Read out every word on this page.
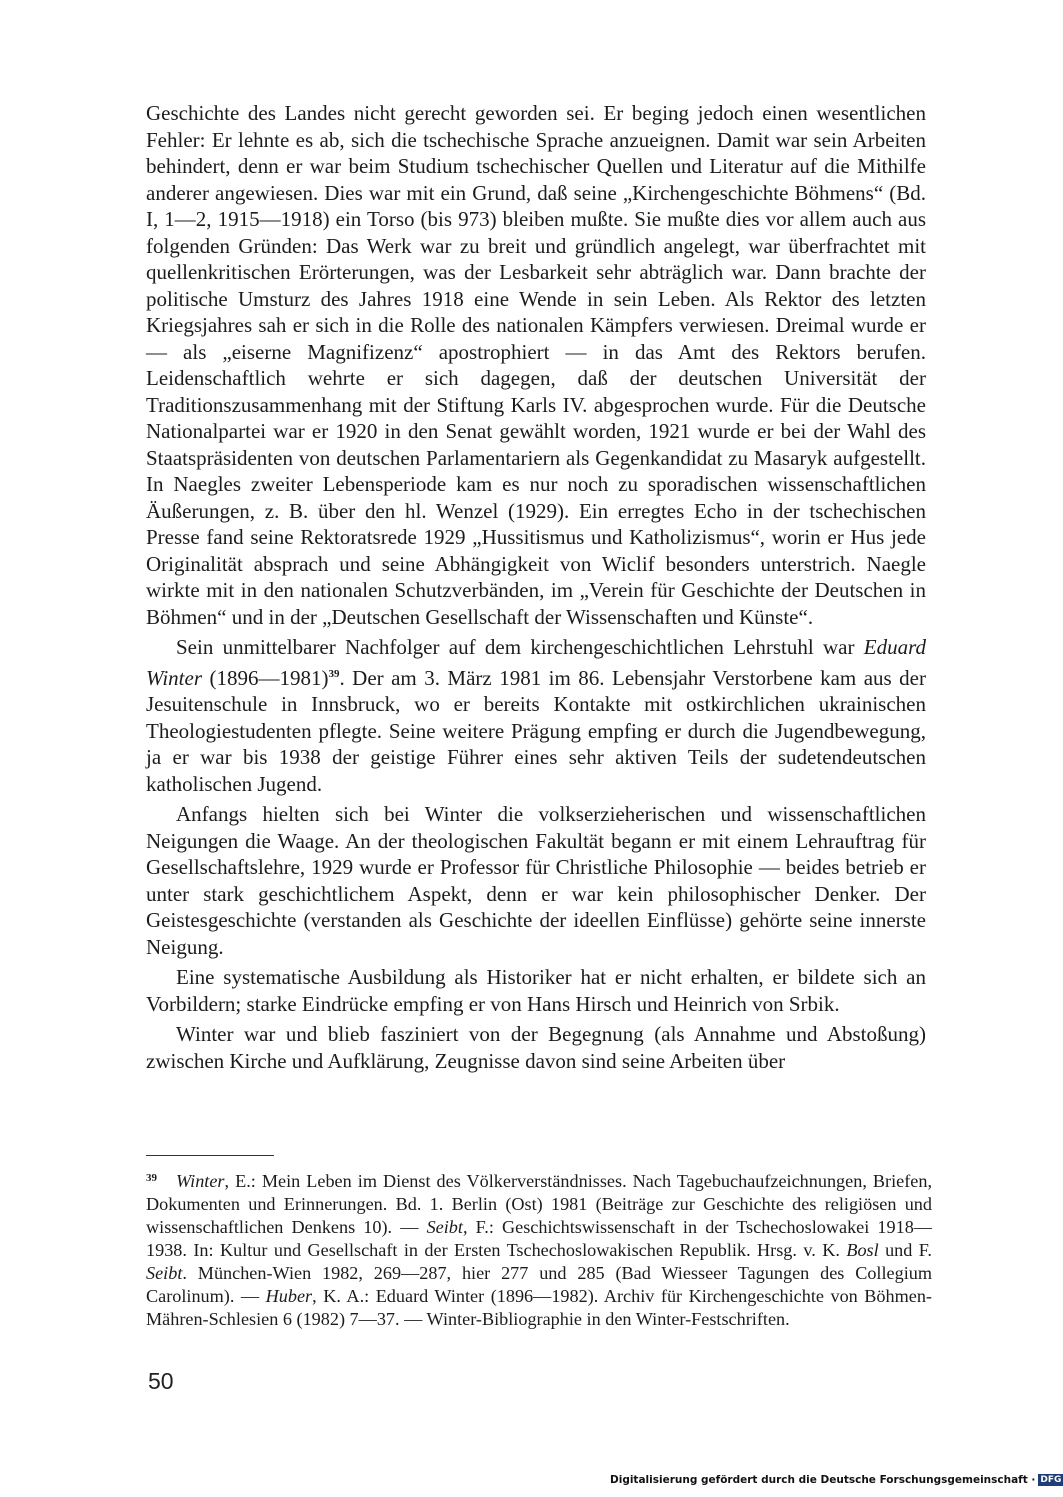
Geschichte des Landes nicht gerecht geworden sei. Er beging jedoch einen wesentlichen Fehler: Er lehnte es ab, sich die tschechische Sprache anzueignen. Damit war sein Arbeiten behindert, denn er war beim Studium tschechischer Quellen und Literatur auf die Mithilfe anderer angewiesen. Dies war mit ein Grund, daß seine „Kirchengeschichte Böhmens“ (Bd. I, 1—2, 1915—1918) ein Torso (bis 973) bleiben mußte. Sie mußte dies vor allem auch aus folgenden Gründen: Das Werk war zu breit und gründlich angelegt, war überfrachtet mit quellenkritischen Erörterungen, was der Lesbarkeit sehr abträglich war. Dann brachte der politische Umsturz des Jahres 1918 eine Wende in sein Leben. Als Rektor des letzten Kriegsjahres sah er sich in die Rolle des nationalen Kämpfers verwiesen. Dreimal wurde er — als „eiserne Magnifizenz“ apostrophiert — in das Amt des Rektors berufen. Leidenschaftlich wehrte er sich dagegen, daß der deutschen Universität der Traditionszusammenhang mit der Stiftung Karls IV. abgesprochen wurde. Für die Deutsche Nationalpartei war er 1920 in den Senat gewählt worden, 1921 wurde er bei der Wahl des Staatspräsidenten von deutschen Parlamentariern als Gegenkandidat zu Masaryk aufgestellt. In Naegles zweiter Lebensperiode kam es nur noch zu sporadischen wissenschaftlichen Äußerungen, z. B. über den hl. Wenzel (1929). Ein erregtes Echo in der tschechischen Presse fand seine Rektoratsrede 1929 „Hussitismus und Katholizismus“, worin er Hus jede Originalität absprach und seine Abhängigkeit von Wiclif besonders unterstrich. Naegle wirkte mit in den nationalen Schutzverbänden, im „Verein für Geschichte der Deutschen in Böhmen“ und in der „Deutschen Gesellschaft der Wissenschaften und Künste“.

Sein unmittelbarer Nachfolger auf dem kirchengeschichtlichen Lehrstuhl war Eduard Winter (1896—1981)$^{39}$. Der am 3. März 1981 im 86. Lebensjahr Verstorbene kam aus der Jesuitenschule in Innsbruck, wo er bereits Kontakte mit ostkirchlichen ukrainischen Theologiestudenten pflegte. Seine weitere Prägung empfing er durch die Jugendbewegung, ja er war bis 1938 der geistige Führer eines sehr aktiven Teils der sudetendeutschen katholischen Jugend.

Anfangs hielten sich bei Winter die volkserzieherischen und wissenschaftlichen Neigungen die Waage. An der theologischen Fakultät begann er mit einem Lehrauftrag für Gesellschaftslehre, 1929 wurde er Professor für Christliche Philosophie — beides betrieb er unter stark geschichtlichem Aspekt, denn er war kein philosophischer Denker. Der Geistesgeschichte (verstanden als Geschichte der ideellen Einflüsse) gehörte seine innerste Neigung.

Eine systematische Ausbildung als Historiker hat er nicht erhalten, er bildete sich an Vorbildern; starke Eindrücke empfing er von Hans Hirsch und Heinrich von Srbik.

Winter war und blieb fasziniert von der Begegnung (als Annahme und Abstoßung) zwischen Kirche und Aufklärung, Zeugnisse davon sind seine Arbeiten über

39 Winter, E.: Mein Leben im Dienst des Völkerverständnisses. Nach Tagebuchaufzeichnungen, Briefen, Dokumenten und Erinnerungen. Bd. 1. Berlin (Ost) 1981 (Beiträge zur Geschichte des religiösen und wissenschaftlichen Denkens 10). — Seibt, F.: Geschichtswissenschaft in der Tschechoslowakei 1918—1938. In: Kultur und Gesellschaft in der Ersten Tschechoslowakischen Republik. Hrsg. v. K. Bosl und F. Seibt. München-Wien 1982, 269—287, hier 277 und 285 (Bad Wiesseer Tagungen des Collegium Carolinum). — Huber, K. A.: Eduard Winter (1896—1982). Archiv für Kirchengeschichte von Böhmen-Mähren-Schlesien 6 (1982) 7—37. — Winter-Bibliographie in den Winter-Festschriften.
50
Digitalisierung gefördert durch die Deutsche Forschungsgemeinschaft · DFG
